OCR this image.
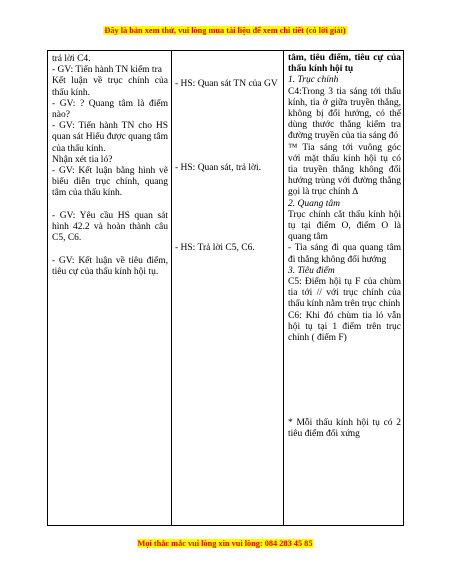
Đây là bản xem thử, vui lòng mua tài liệu để xem chi tiết (có lời giải)

trả lời C4.

- GV: Tiến hành TN kiểm tra

Kết luận về trục chính của thấu kính.

- GV: ? Quang tâm là điểm nào?

- GV: Tiến hành TN cho HS quan sát Hiểu được quang tâm của thấu kính.

Nhận xét tia ló?

- GV: Kết luận bằng hình vẽ biểu diễn trục chính, quang tâm của thấu kính.

- GV: Yêu cầu HS quan sát hình 42.2 và hoàn thành câu C5, C6.

- GV: Kết luận về tiêu điểm, tiêu cự của thấu kính hội tụ.

- HS: Quan sát TN của GV

- HS: Quan sát, trả lời.

- HS: Trả lời C5, C6.

tâm, tiêu điểm, tiêu cự của thấu kính hội tụ

1. Trục chính

C4:Trong 3 tia sáng tới thấu kính, tia ở giữa truyền thẳng, không bị đổi hướng, có thể dùng thước thẳng kiểm tra đường truyền của tia sáng đó

™ Tia sáng tới vuông góc với mặt thấu kính hội tụ có tia truyền thẳng không đổi hướng trùng với đường thẳng gọi là trục chính ∆

2. Quang tâm

Trục chính cắt thấu kính hội tụ tại điểm O, điểm O là quang tâm

- Tia sáng đi qua quang tâm đi thẳng không đổi hướng

3. Tiêu điểm

C5: Điểm hội tụ F của chùm tia tới // với trục chính của thấu kính nằm trên trục chính

C6: Khi đó chùm tia ló vẫn hội tụ tại 1 điểm trên trục chính ( điểm F)

* Mỗi thấu kính hội tụ có 2 tiêu điểm đối xứng

Mọi thắc mắc vui lòng xin vui lòng: 084 283 45 85
